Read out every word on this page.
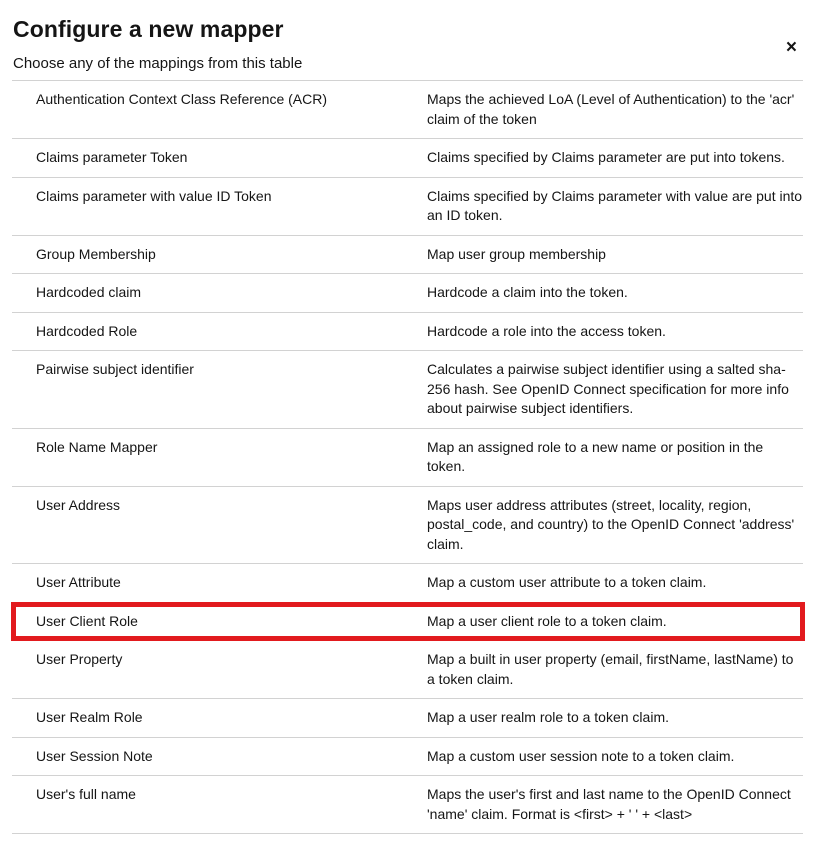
Configure a new mapper
×

Choose any of the mappings from this table

Authentication Context Class Reference (ACR)	Maps the achieved LoA (Level of Authentication) to the 'acr' claim of the token
Claims parameter Token	Claims specified by Claims parameter are put into tokens.
Claims parameter with value ID Token	Claims specified by Claims parameter with value are put into an ID token.
Group Membership	Map user group membership
Hardcoded claim	Hardcode a claim into the token.
Hardcoded Role	Hardcode a role into the access token.
Pairwise subject identifier	Calculates a pairwise subject identifier using a salted sha-256 hash. See OpenID Connect specification for more info about pairwise subject identifiers.
Role Name Mapper	Map an assigned role to a new name or position in the token.
User Address	Maps user address attributes (street, locality, region, postal_code, and country) to the OpenID Connect 'address' claim.
User Attribute	Map a custom user attribute to a token claim.
User Client Role	Map a user client role to a token claim.
User Property	Map a built in user property (email, firstName, lastName) to a token claim.
User Realm Role	Map a user realm role to a token claim.
User Session Note	Map a custom user session note to a token claim.
User's full name	Maps the user's first and last name to the OpenID Connect 'name' claim. Format is <first> + ' ' + <last>
